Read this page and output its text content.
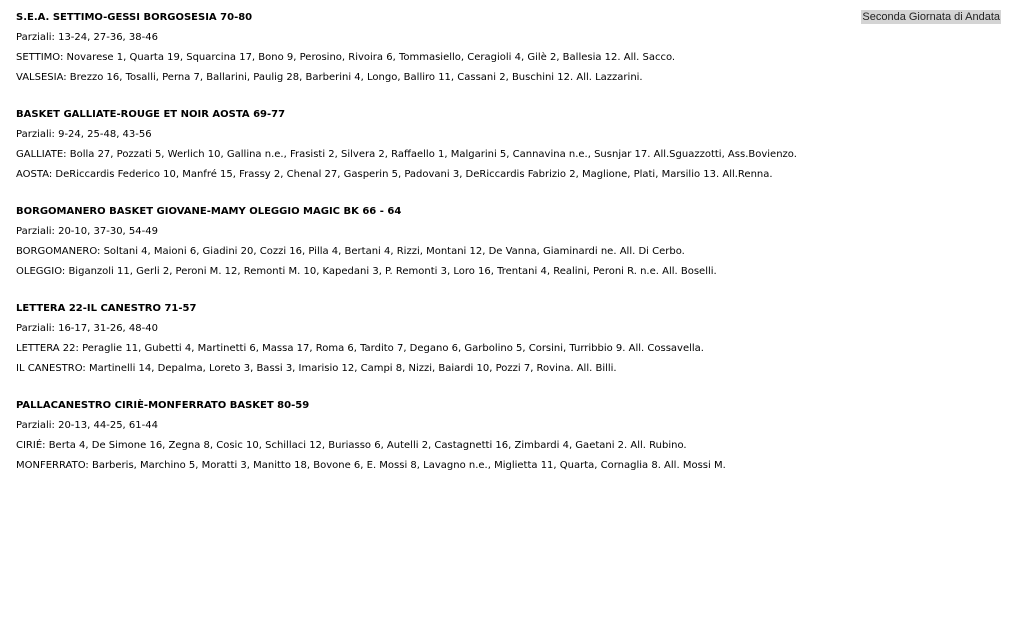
Seconda Giornata di Andata

S.E.A. SETTIMO-GESSI BORGOSESIA 70-80

Parziali: 13-24, 27-36, 38-46

SETTIMO: Novarese 1, Quarta 19, Squarcina 17, Bono 9, Perosino, Rivoira 6, Tommasiello, Ceragioli 4, Gilè 2, Ballesia 12. All. Sacco.

VALSESIA: Brezzo 16, Tosalli, Perna 7, Ballarini, Paulig 28, Barberini 4, Longo, Balliro 11, Cassani 2, Buschini 12. All. Lazzarini.

BASKET GALLIATE-ROUGE ET NOIR AOSTA 69-77

Parziali: 9-24, 25-48, 43-56

GALLIATE: Bolla 27, Pozzati 5, Werlich 10, Gallina n.e., Frasisti 2, Silvera 2, Raffaello 1, Malgarini 5, Cannavina n.e., Susnjar 17. All.Sguazzotti, Ass.Bovienzo.

AOSTA: DeRiccardis Federico 10, Manfré 15, Frassy 2, Chenal 27, Gasperin 5, Padovani 3, DeRiccardis Fabrizio 2, Maglione, Plati, Marsilio 13. All.Renna.

BORGOMANERO BASKET GIOVANE-MAMY OLEGGIO MAGIC BK 66 - 64

Parziali: 20-10, 37-30, 54-49

BORGOMANERO: Soltani 4, Maioni 6, Giadini 20, Cozzi 16, Pilla 4, Bertani 4, Rizzi, Montani 12, De Vanna, Giaminardi ne. All. Di Cerbo.

OLEGGIO: Biganzoli 11, Gerli 2, Peroni M. 12, Remonti M. 10, Kapedani 3, P. Remonti 3, Loro 16, Trentani 4, Realini, Peroni R. n.e. All. Boselli.

LETTERA 22-IL CANESTRO 71-57

Parziali: 16-17, 31-26, 48-40

LETTERA 22: Peraglie 11, Gubetti 4, Martinetti 6, Massa 17, Roma 6, Tardito 7, Degano 6, Garbolino 5, Corsini, Turribbio 9. All. Cossavella.

IL CANESTRO: Martinelli 14, Depalma, Loreto 3, Bassi 3, Imarisio 12, Campi 8, Nizzi, Baiardi 10, Pozzi 7, Rovina. All. Billi.

PALLACANESTRO CIRIÈ-MONFERRATO BASKET 80-59

Parziali: 20-13, 44-25, 61-44

CIRIÉ: Berta 4, De Simone 16, Zegna 8, Cosic 10, Schillaci 12, Buriasso 6, Autelli 2, Castagnetti 16, Zimbardi 4, Gaetani 2. All. Rubino.

MONFERRATO: Barberis, Marchino 5, Moratti 3, Manitto 18, Bovone 6, E. Mossi 8, Lavagno n.e., Miglietta 11, Quarta, Cornaglia 8. All. Mossi M.
